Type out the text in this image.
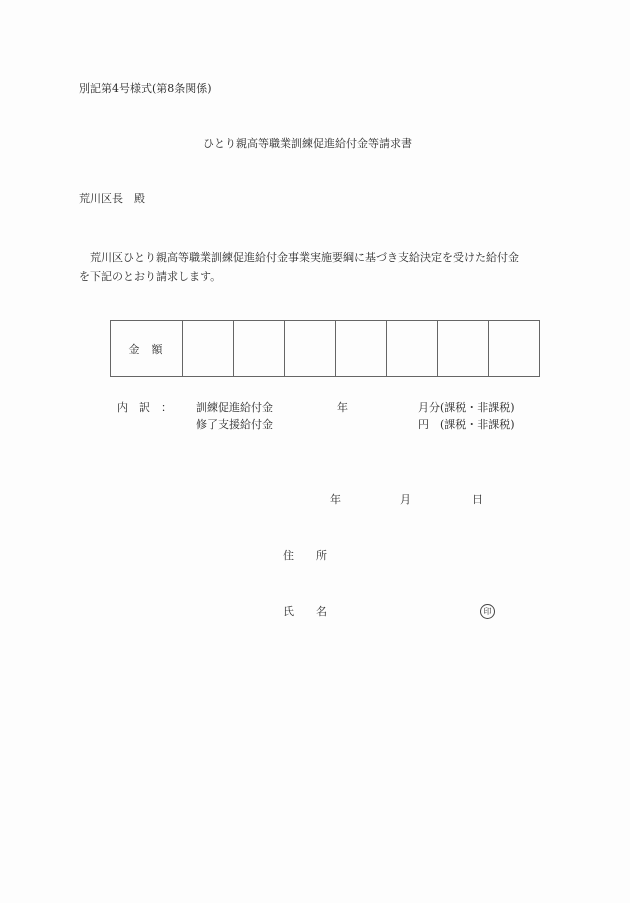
別記第4号様式(第8条関係)
ひとり親高等職業訓練促進給付金等請求書
荒川区長　殿
荒川区ひとり親高等職業訓練促進給付金事業実施要綱に基づき支給決定を受けた給付金
を下記のとおり請求します。
金額							
内　訳　： 訓練促進給付金	年	月分(課税・非課税)
修了支援給付金	円　(課税・非課税)
年	月	日
住　　所
氏　　名	印
